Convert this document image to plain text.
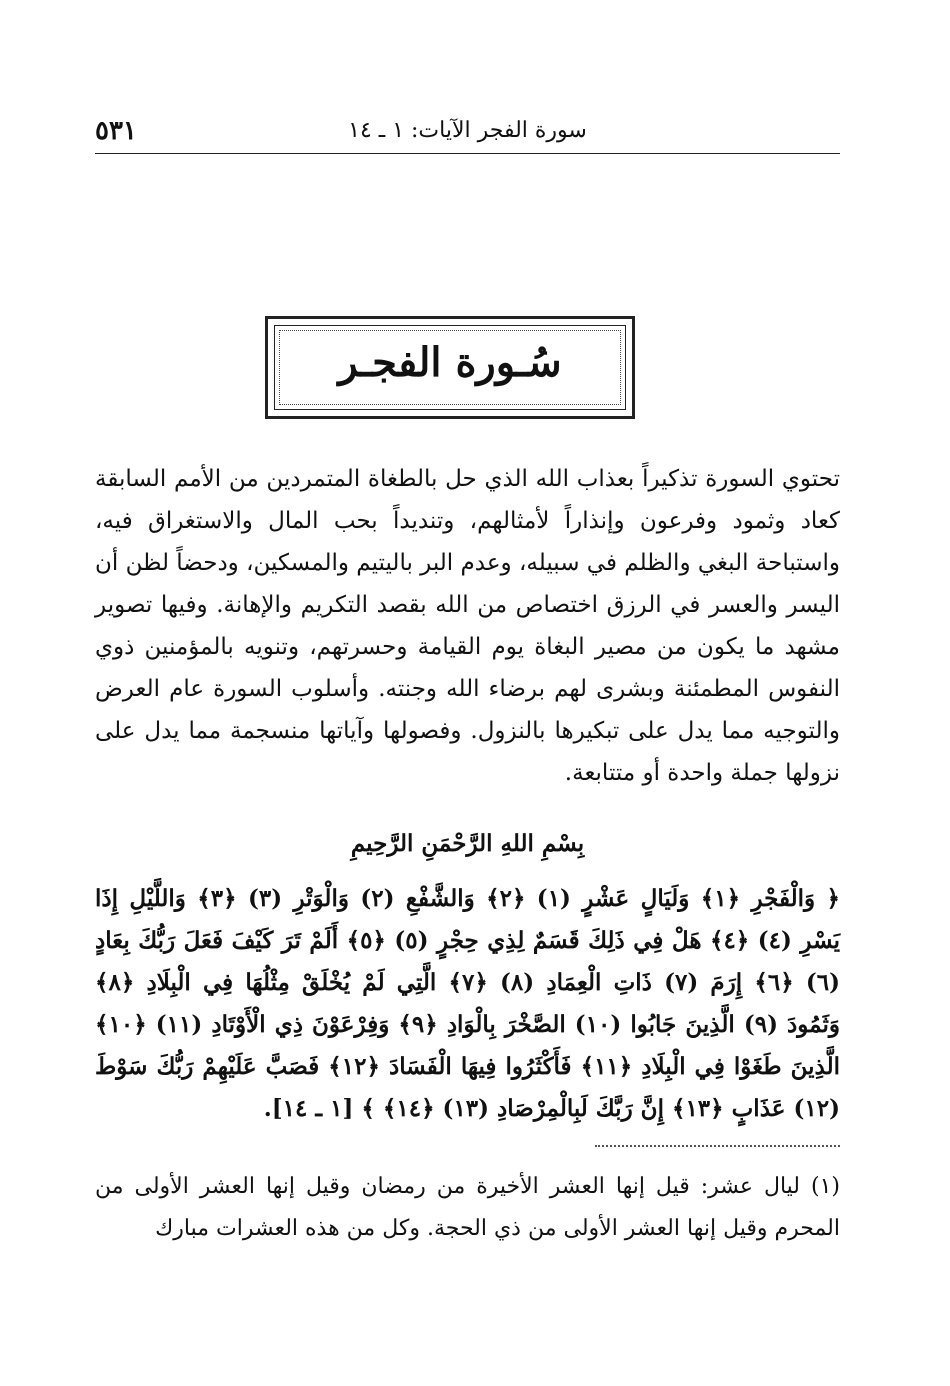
سورة الفجر الآيات: ١ ـ ١٤
٥٣١
سُـورة الفجـر

تحتوي السورة تذكيراً بعذاب الله الذي حل بالطغاة المتمردين من الأمم السابقة كعاد وثمود وفرعون وإنذاراً لأمثالهم، وتنديداً بحب المال والاستغراق فيه، واستباحة البغي والظلم في سبيله، وعدم البر باليتيم والمسكين، ودحضاً لظن أن اليسر والعسر في الرزق اختصاص من الله بقصد التكريم والإهانة. وفيها تصوير مشهد ما يكون من مصير البغاة يوم القيامة وحسرتهم، وتنويه بالمؤمنين ذوي النفوس المطمئنة وبشرى لهم برضاء الله وجنته. وأسلوب السورة عام العرض والتوجيه مما يدل على تبكيرها بالنزول. وفصولها وآياتها منسجمة مما يدل على نزولها جملة واحدة أو متتابعة.

بِسْمِ اللهِ الرَّحْمَنِ الرَّحِيمِ

﴿ وَالْفَجْرِ ﴿١﴾ وَلَيَالٍ عَشْرٍ (١) ﴿٢﴾ وَالشَّفْعِ (٢) وَالْوَتْرِ (٣) ﴿٣﴾ وَاللَّيْلِ إِذَا يَسْرِ (٤) ﴿٤﴾ هَلْ فِي ذَلِكَ قَسَمٌ لِذِي حِجْرٍ (٥) ﴿٥﴾ أَلَمْ تَرَ كَيْفَ فَعَلَ رَبُّكَ بِعَادٍ (٦) ﴿٦﴾ إِرَمَ (٧) ذَاتِ الْعِمَادِ (٨) ﴿٧﴾ الَّتِي لَمْ يُخْلَقْ مِثْلُهَا فِي الْبِلَادِ ﴿٨﴾ وَثَمُودَ (٩) الَّذِينَ جَابُوا (١٠) الصَّخْرَ بِالْوَادِ ﴿٩﴾ وَفِرْعَوْنَ ذِي الْأَوْتَادِ (١١) ﴿١٠﴾ الَّذِينَ طَغَوْا فِي الْبِلَادِ ﴿١١﴾ فَأَكْثَرُوا فِيهَا الْفَسَادَ ﴿١٢﴾ فَصَبَّ عَلَيْهِمْ رَبُّكَ سَوْطَ (١٢) عَذَابٍ ﴿١٣﴾ إِنَّ رَبَّكَ لَبِالْمِرْصَادِ (١٣) ﴿١٤﴾ ﴾ [١ ـ ١٤].

(١) ليال عشر: قيل إنها العشر الأخيرة من رمضان وقيل إنها العشر الأولى من المحرم وقيل إنها العشر الأولى من ذي الحجة. وكل من هذه العشرات مبارك
